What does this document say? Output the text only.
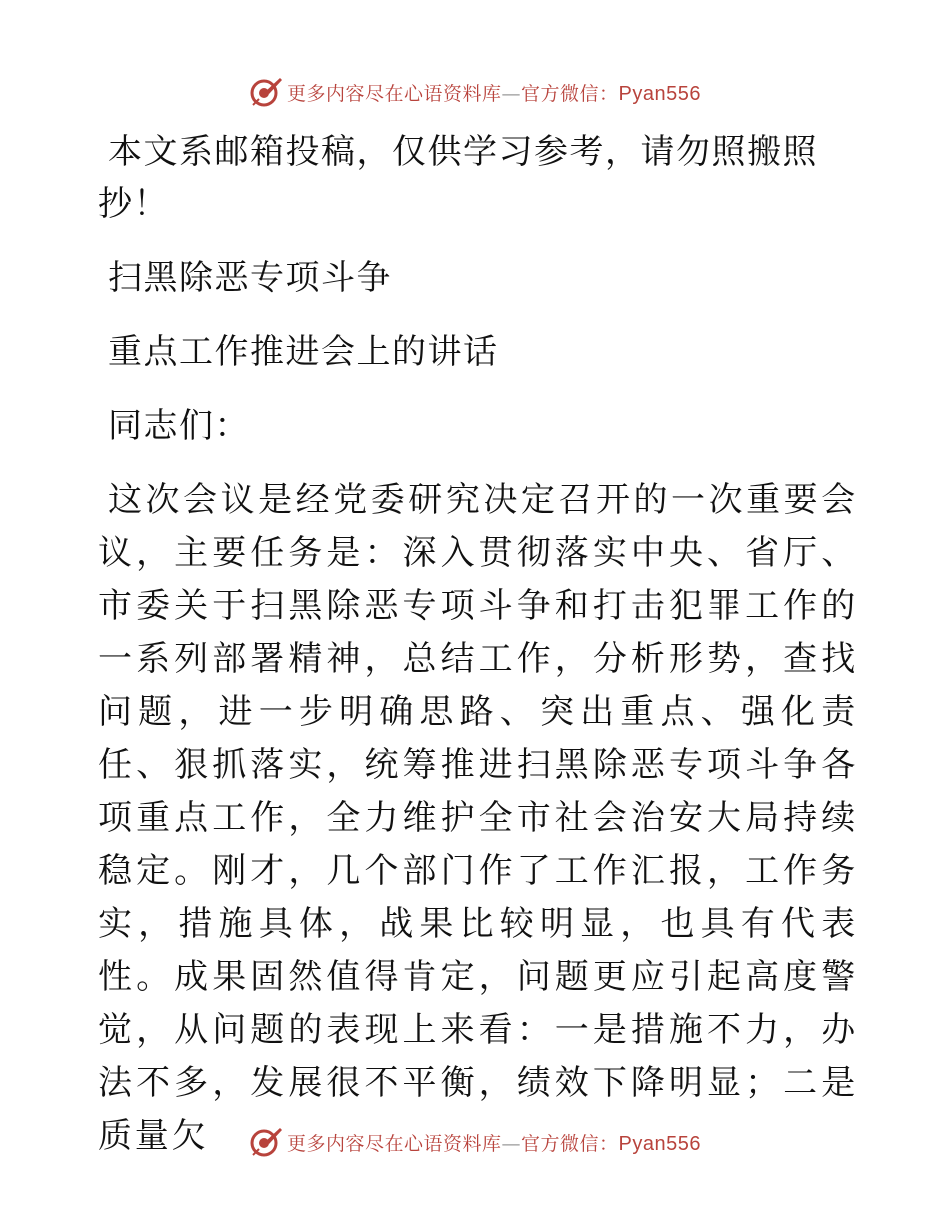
更多内容尽在心语资料库—官方微信：Pyan556

本文系邮箱投稿，仅供学习参考，请勿照搬照抄！

扫黑除恶专项斗争

重点工作推进会上的讲话

同志们：

这次会议是经党委研究决定召开的一次重要会议，主要任务是：深入贯彻落实中央、省厅、市委关于扫黑除恶专项斗争和打击犯罪工作的一系列部署精神，总结工作，分析形势，查找问题，进一步明确思路、突出重点、强化责任、狠抓落实，统筹推进扫黑除恶专项斗争各项重点工作，全力维护全市社会治安大局持续稳定。刚才，几个部门作了工作汇报，工作务实，措施具体，战果比较明显，也具有代表性。成果固然值得肯定，问题更应引起高度警觉，从问题的表现上来看：一是措施不力，办法不多，发展很不平衡，绩效下降明显；二是质量欠	更多内容尽在心语资料库—官方微信：Pyan556
